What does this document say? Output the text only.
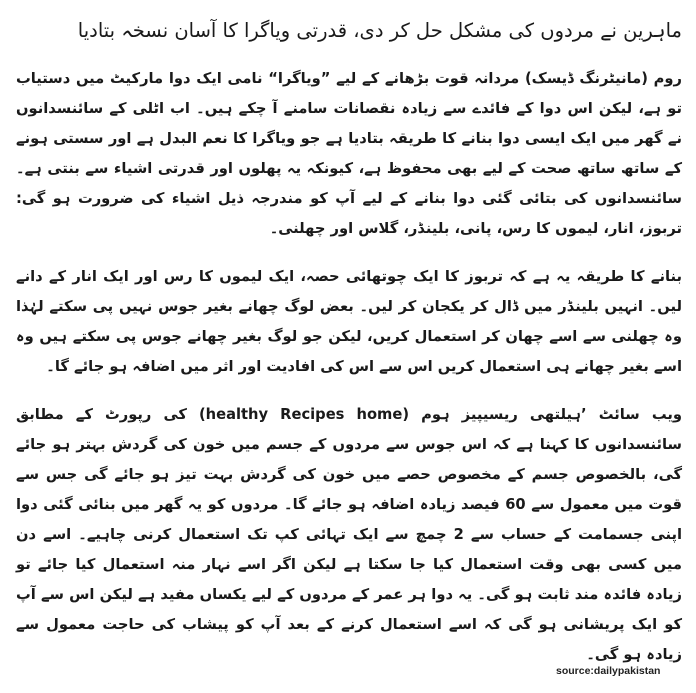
ماہرین نے مردوں کی مشکل حل کر دی، قدرتی ویاگرا کا آسان نسخہ بتادیا

روم (مانیٹرنگ ڈیسک) مردانہ قوت بڑھانے کے لیے ”ویاگرا“ نامی ایک دوا مارکیٹ میں دستیاب تو ہے، لیکن اس دوا کے فائدے سے زیادہ نقصانات سامنے آ چکے ہیں۔ اب اٹلی کے سائنسدانوں نے گھر میں ایک ایسی دوا بنانے کا طریقہ بتادیا ہے جو ویاگرا کا نعم البدل ہے اور سستی ہونے کے ساتھ ساتھ صحت کے لیے بھی محفوظ ہے، کیونکہ یہ پھلوں اور قدرتی اشیاء سے بنتی ہے۔ سائنسدانوں کی بتائی گئی دوا بنانے کے لیے آپ کو مندرجہ ذیل اشیاء کی ضرورت ہو گی: تربوز، انار، لیموں کا رس، پانی، بلینڈر، گلاس اور چھلنی۔

بنانے کا طریقہ یہ ہے کہ تربوز کا ایک چوتھائی حصہ، ایک لیموں کا رس اور ایک انار کے دانے لیں۔ انہیں بلینڈر میں ڈال کر یکجان کر لیں۔ بعض لوگ چھانے بغیر جوس نہیں پی سکتے لہٰذا وہ چھلنی سے اسے چھان کر استعمال کریں، لیکن جو لوگ بغیر چھانے جوس پی سکتے ہیں وہ اسے بغیر چھانے ہی استعمال کریں اس سے اس کی افادیت اور اثر میں اضافہ ہو جائے گا۔

ویب سائٹ ’ہیلتھی ریسیپیز ہوم (healthy Recipes home) کی رپورٹ کے مطابق سائنسدانوں کا کہنا ہے کہ اس جوس سے مردوں کے جسم میں خون کی گردش بہتر ہو جائے گی، بالخصوص جسم کے مخصوص حصے میں خون کی گردش بہت تیز ہو جائے گی جس سے قوت میں معمول سے 60 فیصد زیادہ اضافہ ہو جائے گا۔ مردوں کو یہ گھر میں بنائی گئی دوا اپنی جسمامت کے حساب سے 2 چمچ سے ایک تہائی کپ تک استعمال کرنی چاہیے۔ اسے دن میں کسی بھی وقت استعمال کیا جا سکتا ہے لیکن اگر اسے نہار منہ استعمال کیا جائے تو زیادہ فائدہ مند ثابت ہو گی۔ یہ دوا ہر عمر کے مردوں کے لیے یکساں مفید ہے لیکن اس سے آپ کو ایک پریشانی ہو گی کہ اسے استعمال کرنے کے بعد آپ کو پیشاب کی حاجت معمول سے زیادہ ہو گی۔

source:dailypakistan
